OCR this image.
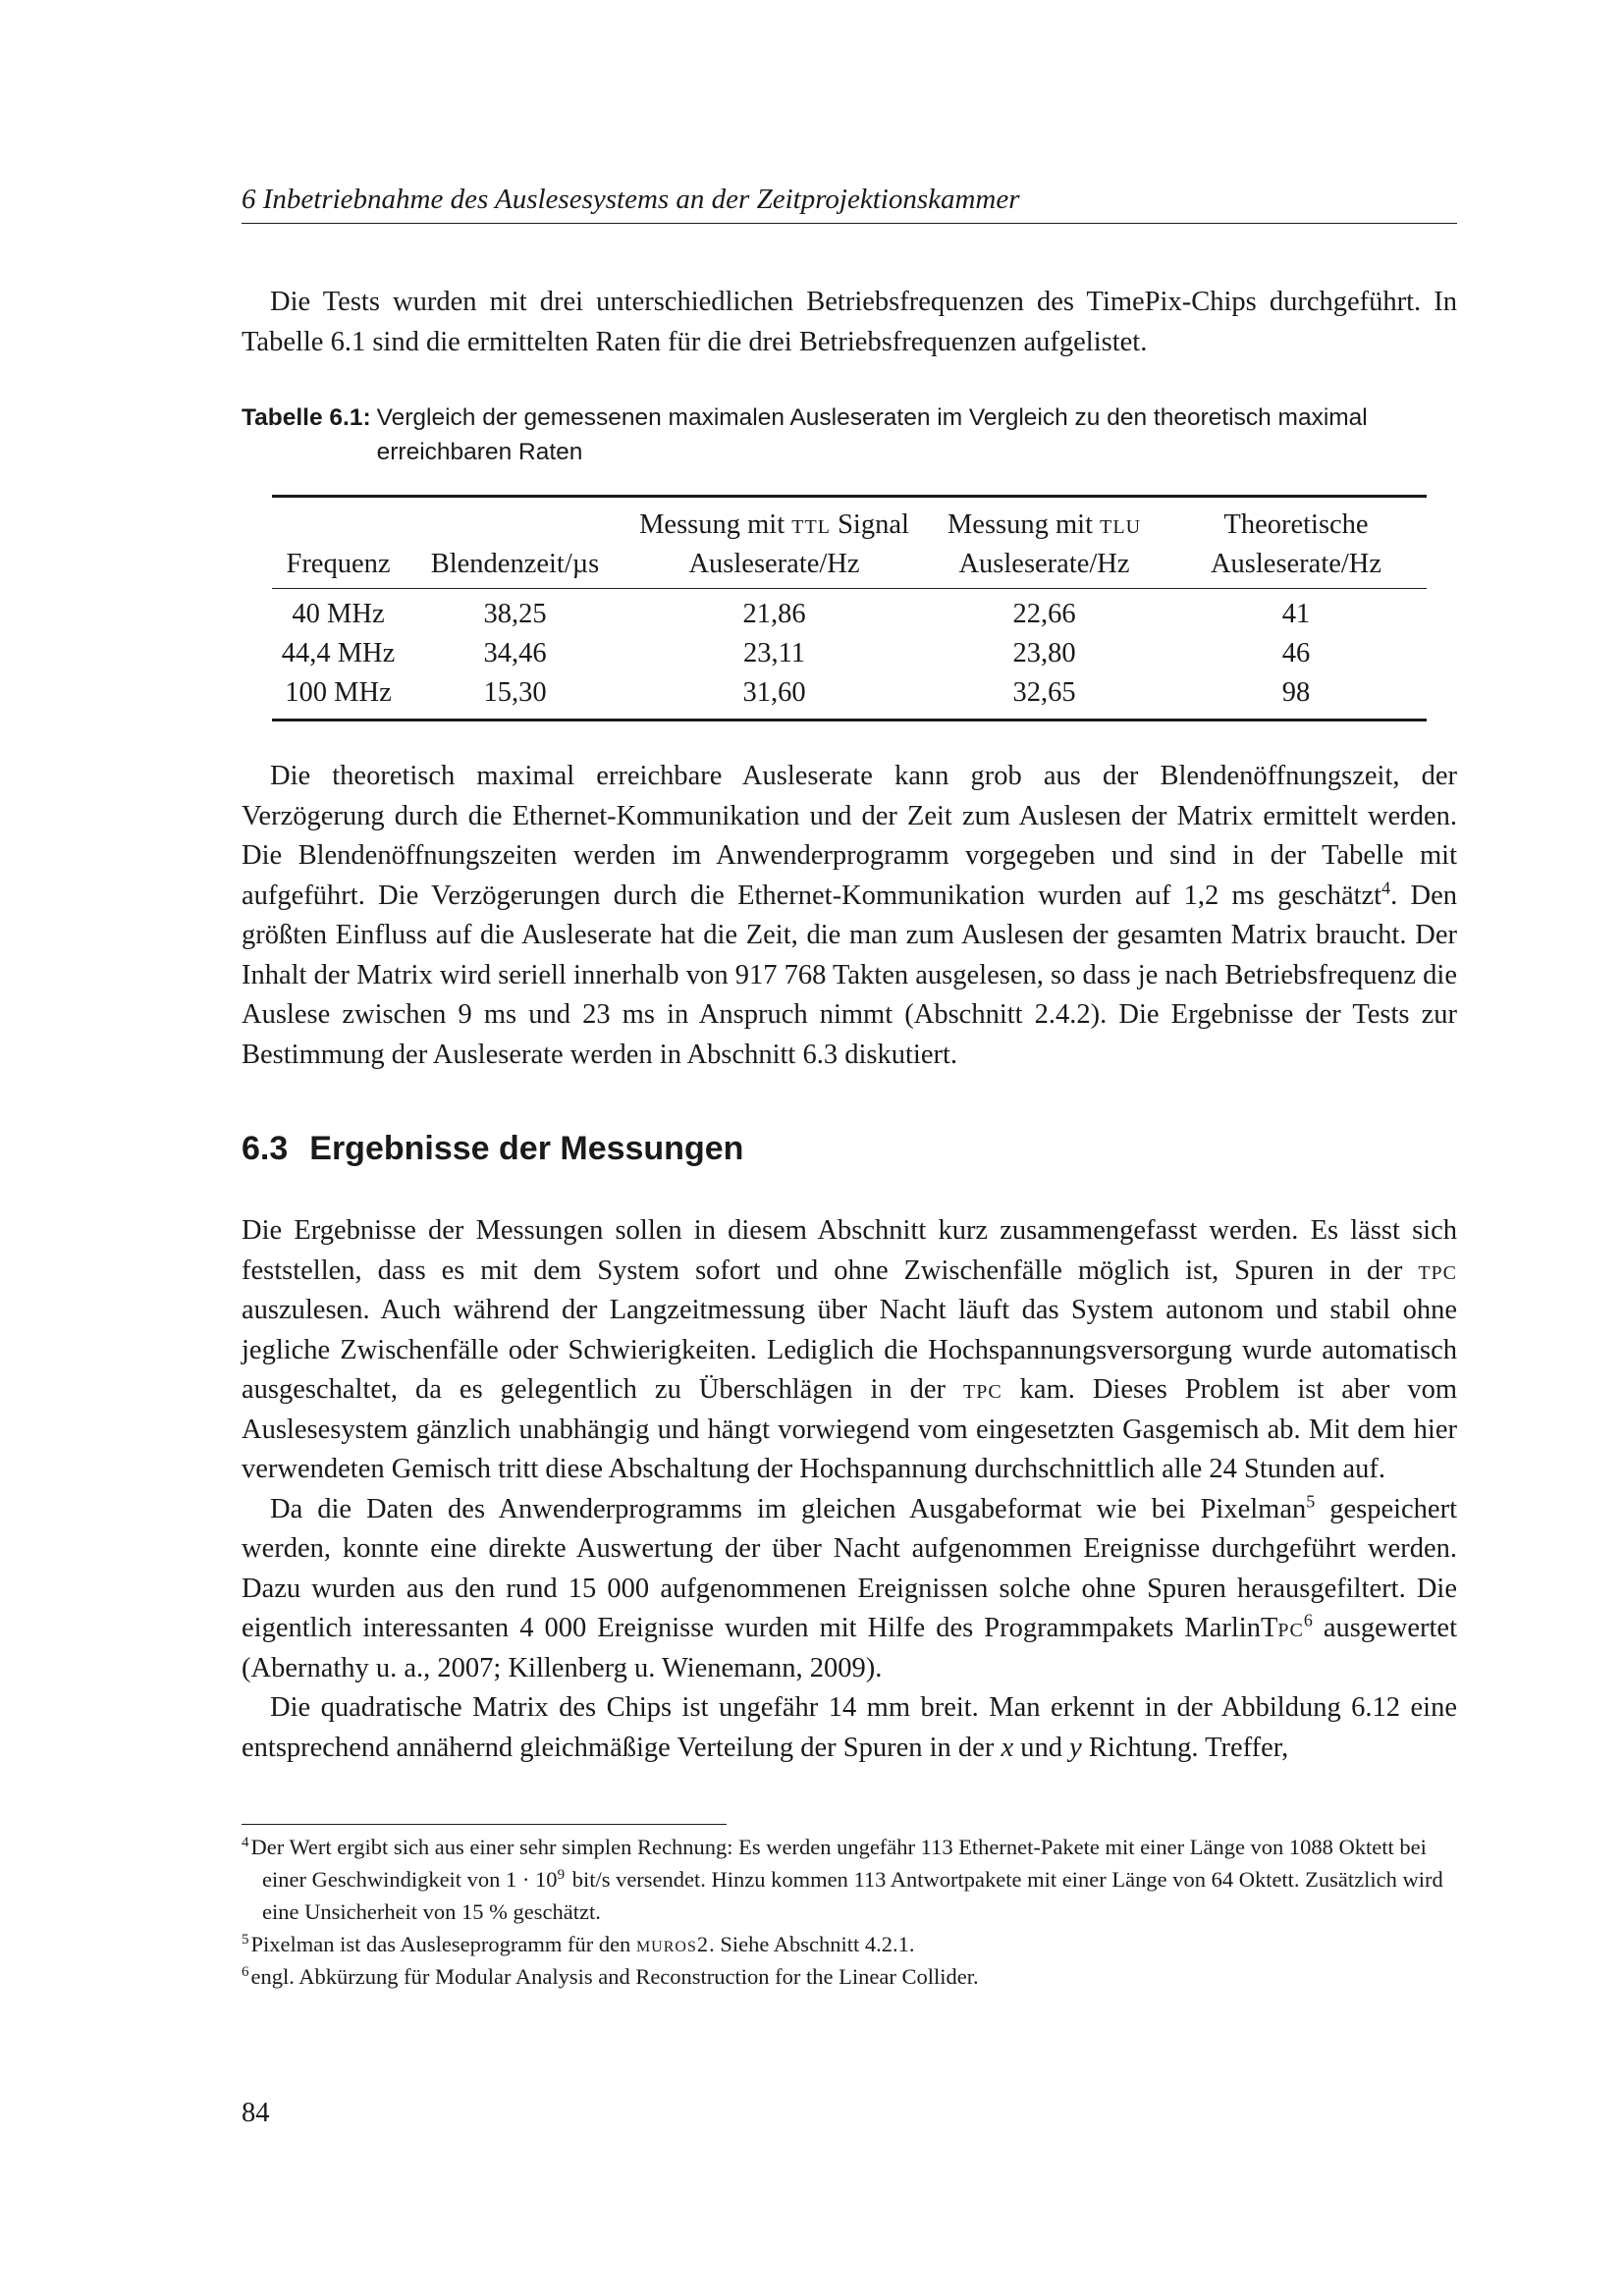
6 Inbetriebnahme des Auslesesystems an der Zeitprojektionskammer

Die Tests wurden mit drei unterschiedlichen Betriebsfrequenzen des TimePix-Chips durchgeführt. In Tabelle 6.1 sind die ermittelten Raten für die drei Betriebsfrequenzen aufgelistet.

Tabelle 6.1: Vergleich der gemessenen maximalen Ausleseraten im Vergleich zu den theoretisch maximal erreichbaren Raten
		Messung mit ttl Signal	Messung mit tlu	Theoretische
Frequenz	Blendenzeit/µs	Ausleserate/Hz	Ausleserate/Hz	Ausleserate/Hz
40 MHz	38,25	21,86	22,66	41
44,4 MHz	34,46	23,11	23,80	46
100 MHz	15,30	31,60	32,65	98

Die theoretisch maximal erreichbare Ausleserate kann grob aus der Blendenöffnungszeit, der Verzögerung durch die Ethernet-Kommunikation und der Zeit zum Auslesen der Matrix ermittelt werden. Die Blendenöffnungszeiten werden im Anwenderprogramm vorgegeben und sind in der Tabelle mit aufgeführt. Die Verzögerungen durch die Ethernet-Kommunikation wurden auf 1,2 ms geschätzt$^4$. Den größten Einfluss auf die Ausleserate hat die Zeit, die man zum Auslesen der gesamten Matrix braucht. Der Inhalt der Matrix wird seriell innerhalb von 917 768 Takten ausgelesen, so dass je nach Betriebsfrequenz die Auslese zwischen 9 ms und 23 ms in Anspruch nimmt (Abschnitt 2.4.2). Die Ergebnisse der Tests zur Bestimmung der Ausleserate werden in Abschnitt 6.3 diskutiert.

6.3 Ergebnisse der Messungen

Die Ergebnisse der Messungen sollen in diesem Abschnitt kurz zusammengefasst werden. Es lässt sich feststellen, dass es mit dem System sofort und ohne Zwischenfälle möglich ist, Spuren in der tpc auszulesen. Auch während der Langzeitmessung über Nacht läuft das System autonom und stabil ohne jegliche Zwischenfälle oder Schwierigkeiten. Lediglich die Hochspannungsversorgung wurde automatisch ausgeschaltet, da es gelegentlich zu Überschlägen in der tpc kam. Dieses Problem ist aber vom Auslesesystem gänzlich unabhängig und hängt vorwiegend vom eingesetzten Gasgemisch ab. Mit dem hier verwendeten Gemisch tritt diese Abschaltung der Hochspannung durchschnittlich alle 24 Stunden auf.

Da die Daten des Anwenderprogramms im gleichen Ausgabeformat wie bei Pixelman$^5$ gespeichert werden, konnte eine direkte Auswertung der über Nacht aufgenommen Ereignisse durchgeführt werden. Dazu wurden aus den rund 15 000 aufgenommenen Ereignissen solche ohne Spuren herausgefiltert. Die eigentlich interessanten 4 000 Ereignisse wurden mit Hilfe des Programmpakets MarlinTpc$^6$ ausgewertet (Abernathy u. a., 2007; Killenberg u. Wienemann, 2009).

Die quadratische Matrix des Chips ist ungefähr 14 mm breit. Man erkennt in der Abbildung 6.12 eine entsprechend annähernd gleichmäßige Verteilung der Spuren in der x und y Richtung. Treffer,

$^4$Der Wert ergibt sich aus einer sehr simplen Rechnung: Es werden ungefähr 113 Ethernet-Pakete mit einer Länge von 1088 Oktett bei einer Geschwindigkeit von $1 \cdot 10^9$ bit/s versendet. Hinzu kommen 113 Antwortpakete mit einer Länge von 64 Oktett. Zusätzlich wird eine Unsicherheit von 15 % geschätzt.

$^5$Pixelman ist das Ausleseprogramm für den muros2. Siehe Abschnitt 4.2.1.

$^6$engl. Abkürzung für Modular Analysis and Reconstruction for the Linear Collider.

84
